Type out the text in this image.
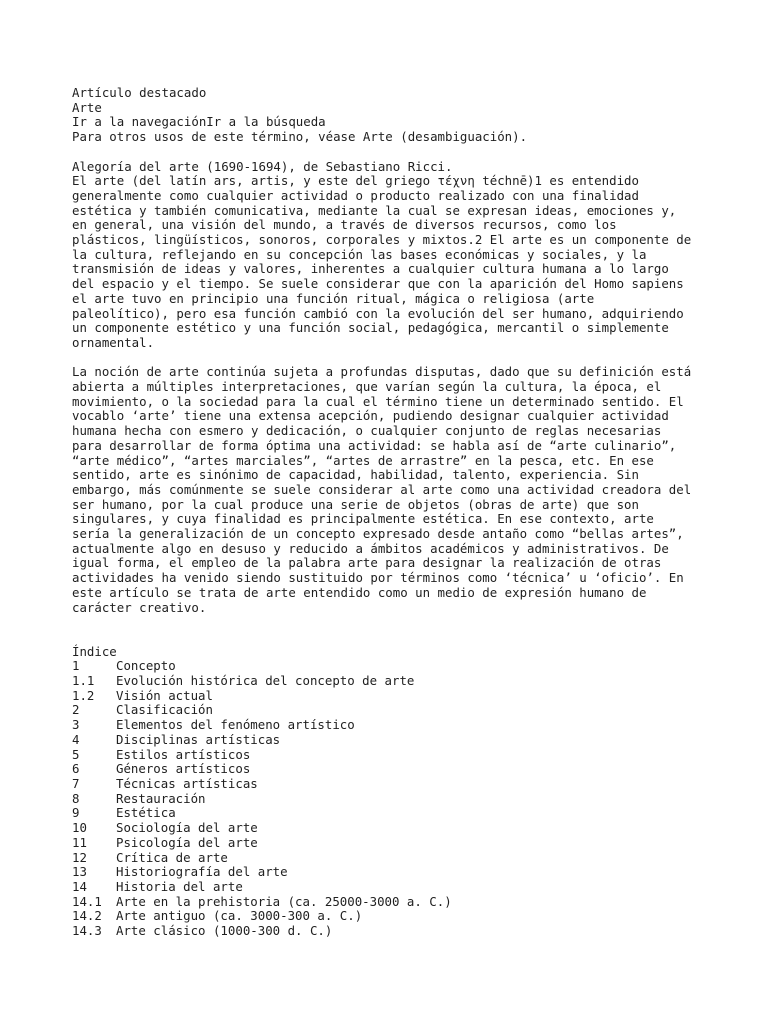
Artículo destacado

Arte

Ir a la navegaciónIr a la búsqueda

Para otros usos de este término, véase Arte (desambiguación).

Alegoría del arte (1690-1694), de Sebastiano Ricci.

El arte (del latín ars, artis, y este del griego τέχνη téchnē)1 es entendido

generalmente como cualquier actividad o producto realizado con una finalidad

estética y también comunicativa, mediante la cual se expresan ideas, emociones y,

en general, una visión del mundo, a través de diversos recursos, como los

plásticos, lingüísticos, sonoros, corporales y mixtos.2 El arte es un componente de

la cultura, reflejando en su concepción las bases económicas y sociales, y la

transmisión de ideas y valores, inherentes a cualquier cultura humana a lo largo

del espacio y el tiempo. Se suele considerar que con la aparición del Homo sapiens

el arte tuvo en principio una función ritual, mágica o religiosa (arte

paleolítico), pero esa función cambió con la evolución del ser humano, adquiriendo

un componente estético y una función social, pedagógica, mercantil o simplemente

ornamental.

La noción de arte continúa sujeta a profundas disputas, dado que su definición está

abierta a múltiples interpretaciones, que varían según la cultura, la época, el

movimiento, o la sociedad para la cual el término tiene un determinado sentido. El

vocablo ‘arte’ tiene una extensa acepción, pudiendo designar cualquier actividad

humana hecha con esmero y dedicación, o cualquier conjunto de reglas necesarias

para desarrollar de forma óptima una actividad: se habla así de “arte culinario”,

“arte médico”, “artes marciales”, “artes de arrastre” en la pesca, etc. En ese

sentido, arte es sinónimo de capacidad, habilidad, talento, experiencia. Sin

embargo, más comúnmente se suele considerar al arte como una actividad creadora del

ser humano, por la cual produce una serie de objetos (obras de arte) que son

singulares, y cuya finalidad es principalmente estética. En ese contexto, arte

sería la generalización de un concepto expresado desde antaño como “bellas artes”,

actualmente algo en desuso y reducido a ámbitos académicos y administrativos. De

igual forma, el empleo de la palabra arte para designar la realización de otras

actividades ha venido siendo sustituido por términos como ‘técnica’ u ‘oficio’. En

este artículo se trata de arte entendido como un medio de expresión humano de

carácter creativo.

Índice

1	Concepto
1.1	Evolución histórica del concepto de arte
1.2	Visión actual
2	Clasificación
3	Elementos del fenómeno artístico
4	Disciplinas artísticas
5	Estilos artísticos
6	Géneros artísticos
7	Técnicas artísticas
8	Restauración
9	Estética
10	Sociología del arte
11	Psicología del arte
12	Crítica de arte
13	Historiografía del arte
14	Historia del arte
14.1	Arte en la prehistoria (ca. 25000-3000 a. C.)
14.2	Arte antiguo (ca. 3000-300 a. C.)
14.3	Arte clásico (1000-300 d. C.)
